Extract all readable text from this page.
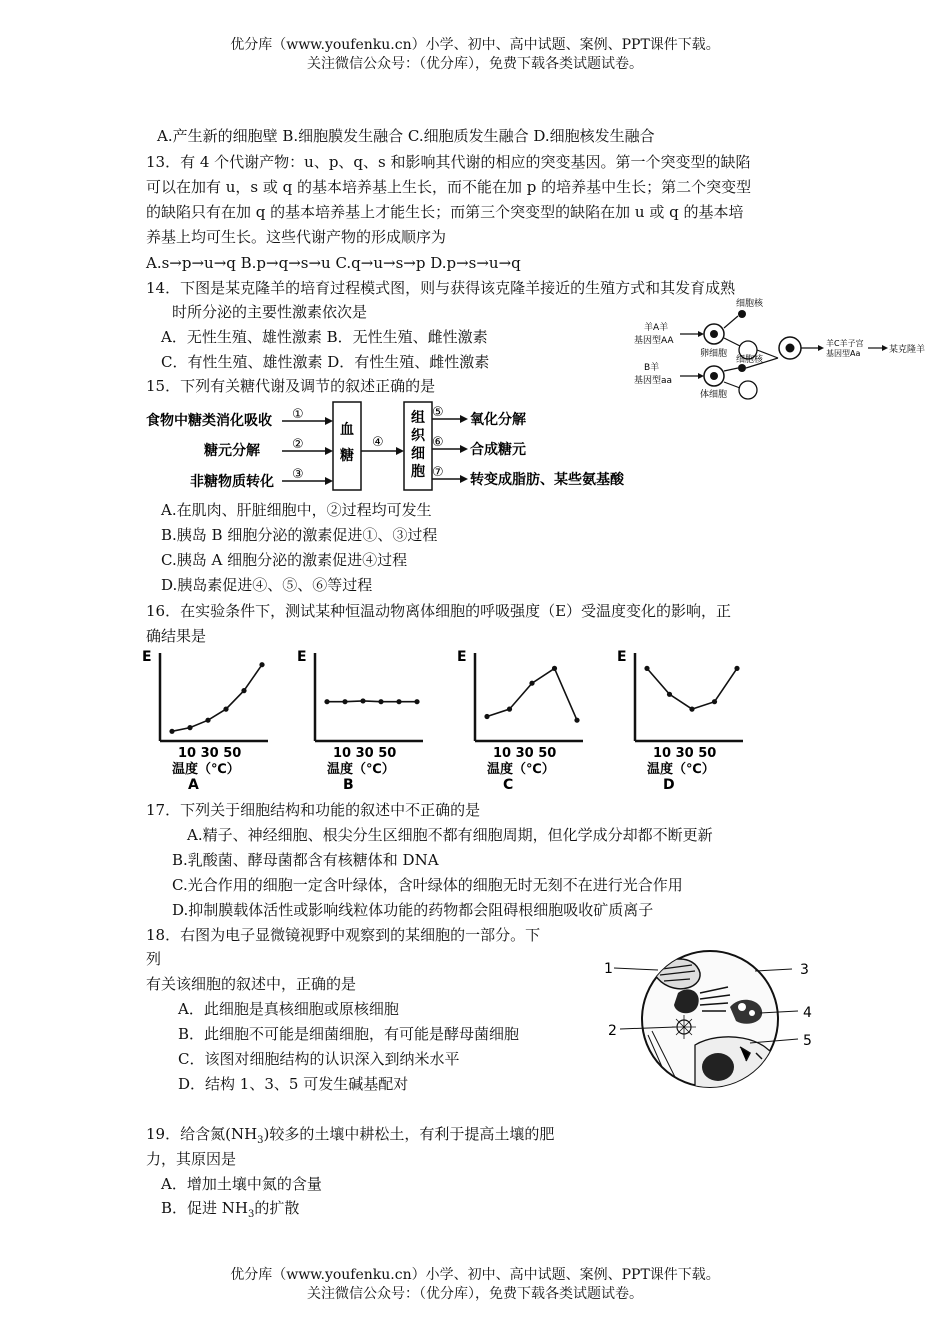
优分库（www.youfenku.cn）小学、初中、高中试题、案例、PPT课件下载。
关注微信公众号：（优分库），免费下载各类试题试卷。
A.产生新的细胞壁 B.细胞膜发生融合 C.细胞质发生融合 D.细胞核发生融合
13．有 4 个代谢产物：u、p、q、s 和影响其代谢的相应的突变基因。第一个突变型的缺陷
可以在加有 u，s 或 q 的基本培养基上生长，而不能在加 p 的培养基中生长；第二个突变型
的缺陷只有在加 q 的基本培养基上才能生长；而第三个突变型的缺陷在加 u 或 q 的基本培
养基上均可生长。这些代谢产物的形成顺序为
A.s→p→u→q B.p→q→s→u C.q→u→s→p D.p→s→u→q
14．下图是某克隆羊的培育过程模式图，则与获得该克隆羊接近的生殖方式和其发育成熟
时所分泌的主要性激素依次是
A．无性生殖、雄性激素 B．无性生殖、雌性激素
C．有性生殖、雄性激素 D．有性生殖、雌性激素
羊A羊
基因型AA
卵细胞
细胞核
B羊
基因型aa
体细胞
细胞核
羊C羊子宫
基因型Aa	某克隆羊
15．下列有关糖代谢及调节的叙述正确的是
食物中糖类消化吸收
糖元分解
非糖物质转化
①
②
③
血
糖
④
组
织
细
胞
⑤
⑥
⑦
氧化分解
合成糖元
转变成脂肪、某些氨基酸
A.在肌肉、肝脏细胞中，②过程均可发生
B.胰岛 B 细胞分泌的激素促进①、③过程
C.胰岛 A 细胞分泌的激素促进④过程
D.胰岛素促进④、⑤、⑥等过程
16．在实验条件下，测试某种恒温动物离体细胞的呼吸强度（E）受温度变化的影响，正
确结果是
E
10 30 50
温度（℃）
A
E
10 30 50
温度（℃）
B
E
10 30 50
温度（℃）
C
E
10 30 50
温度（℃）
D
17．下列关于细胞结构和功能的叙述中不正确的是
A.精子、神经细胞、根尖分生区细胞不都有细胞周期，但化学成分却都不断更新
B.乳酸菌、酵母菌都含有核糖体和 DNA
C.光合作用的细胞一定含叶绿体，含叶绿体的细胞无时无刻不在进行光合作用
D.抑制膜载体活性或影响线粒体功能的药物都会阻碍根细胞吸收矿质离子
18．右图为电子显微镜视野中观察到的某细胞的一部分。下
列
有关该细胞的叙述中，正确的是
A．此细胞是真核细胞或原核细胞
B．此细胞不可能是细菌细胞，有可能是酵母菌细胞
C．该图对细胞结构的认识深入到纳米水平
D．结构 1、3、5 可发生碱基配对
1
2
3
4
5
19．给含氮$(NH_3)$较多的土壤中耕松土，有利于提高土壤的肥
力，其原因是
A．增加土壤中氮的含量
B．促进 $NH_3$的扩散
优分库（www.youfenku.cn）小学、初中、高中试题、案例、PPT课件下载。
关注微信公众号：（优分库），免费下载各类试题试卷。
